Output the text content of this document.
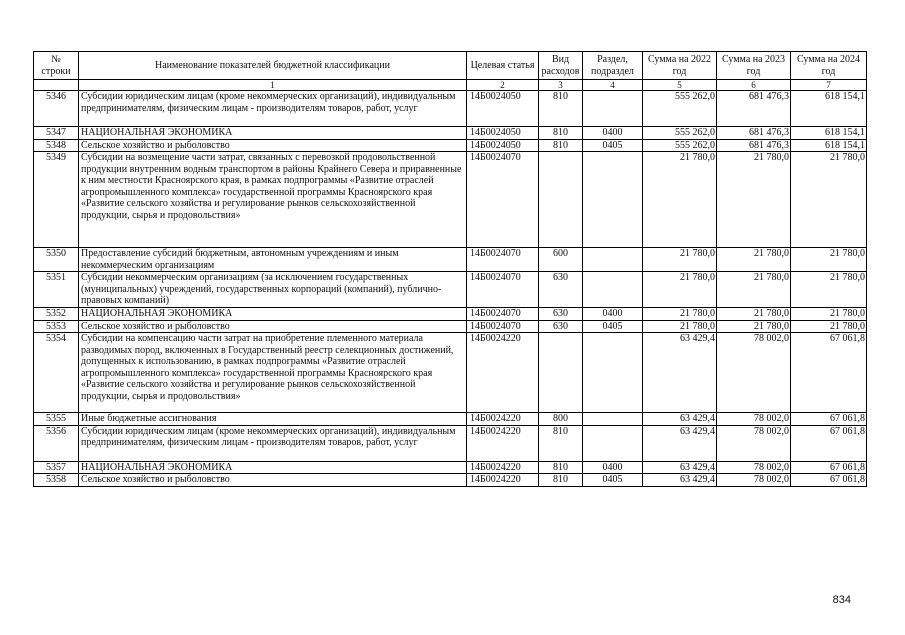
№ строки	Наименование показателей бюджетной классификации	Целевая статья	Вид расходов	Раздел, подраздел	Сумма на 2022 год	Сумма на 2023 год	Сумма на 2024 год
	1	2	3	4	5	6	7
5346	Субсидии юридическим лицам (кроме некоммерческих организаций), индивидуальным предпринимателям, физическим лицам - производителям товаров, работ, услуг	14Б0024050	810		555 262,0	681 476,3	618 154,1
5347	НАЦИОНАЛЬНАЯ ЭКОНОМИКА	14Б0024050	810	0400	555 262,0	681 476,3	618 154,1
5348	Сельское хозяйство и рыболовство	14Б0024050	810	0405	555 262,0	681 476,3	618 154,1
5349	Субсидии на возмещение части затрат, связанных с перевозкой продовольственной продукции внутренним водным транспортом в районы Крайнего Севера и приравненные к ним местности Красноярского края, в рамках подпрограммы «Развитие отраслей агропромышленного комплекса» государственной программы Красноярского края «Развитие сельского хозяйства и регулирование рынков сельскохозяйственной продукции, сырья и продовольствия»	14Б0024070			21 780,0	21 780,0	21 780,0
5350	Предоставление субсидий бюджетным, автономным учреждениям и иным некоммерческим организациям	14Б0024070	600		21 780,0	21 780,0	21 780,0
5351	Субсидии некоммерческим организациям (за исключением государственных (муниципальных) учреждений, государственных корпораций (компаний), публично-правовых компаний)	14Б0024070	630		21 780,0	21 780,0	21 780,0
5352	НАЦИОНАЛЬНАЯ ЭКОНОМИКА	14Б0024070	630	0400	21 780,0	21 780,0	21 780,0
5353	Сельское хозяйство и рыболовство	14Б0024070	630	0405	21 780,0	21 780,0	21 780,0
5354	Субсидии на компенсацию части затрат на приобретение племенного материала разводимых пород, включенных в Государственный реестр селекционных достижений, допущенных к использованию, в рамках подпрограммы «Развитие отраслей агропромышленного комплекса» государственной программы Красноярского края «Развитие сельского хозяйства и регулирование рынков сельскохозяйственной продукции, сырья и продовольствия»	14Б0024220			63 429,4	78 002,0	67 061,8
5355	Иные бюджетные ассигнования	14Б0024220	800		63 429,4	78 002,0	67 061,8
5356	Субсидии юридическим лицам (кроме некоммерческих организаций), индивидуальным предпринимателям, физическим лицам - производителям товаров, работ, услуг	14Б0024220	810		63 429,4	78 002,0	67 061,8
5357	НАЦИОНАЛЬНАЯ ЭКОНОМИКА	14Б0024220	810	0400	63 429,4	78 002,0	67 061,8
5358	Сельское хозяйство и рыболовство	14Б0024220	810	0405	63 429,4	78 002,0	67 061,8
834
